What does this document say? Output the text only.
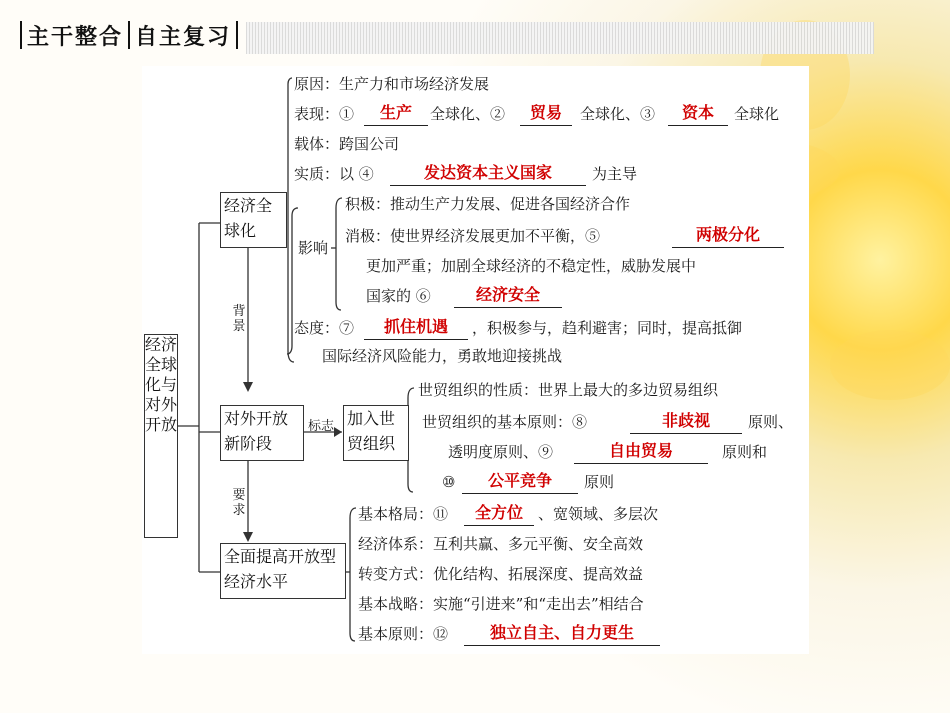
主干整合 自主复习
经济全球化与对外开放
经济全球化
对外开放新阶段
加入世贸组织
全面提高开放型经济水平
背景
标志
要求
原因：生产力和市场经济发展
表现：①	生产	全球化、②	贸易	全球化、③	资本	全球化
载体：跨国公司
实质：以 ④	发达资本主义国家	为主导
影响
积极：推动生产力发展、促进各国经济合作
消极：使世界经济发展更加不平衡，⑤	两极分化
更加严重；加剧全球经济的不稳定性，威胁发展中
国家的 ⑥	经济安全
态度：⑦	抓住机遇	，积极参与，趋利避害；同时，提高抵御
国际经济风险能力，勇敢地迎接挑战
世贸组织的性质：世界上最大的多边贸易组织
世贸组织的基本原则：⑧	非歧视	原则、
透明度原则、⑨	自由贸易	原则和
⑩	公平竞争	原则
基本格局：⑪	全方位	、宽领域、多层次
经济体系：互利共赢、多元平衡、安全高效
转变方式：优化结构、拓展深度、提高效益
基本战略：实施“引进来”和“走出去”相结合
基本原则：⑫	独立自主、自力更生
